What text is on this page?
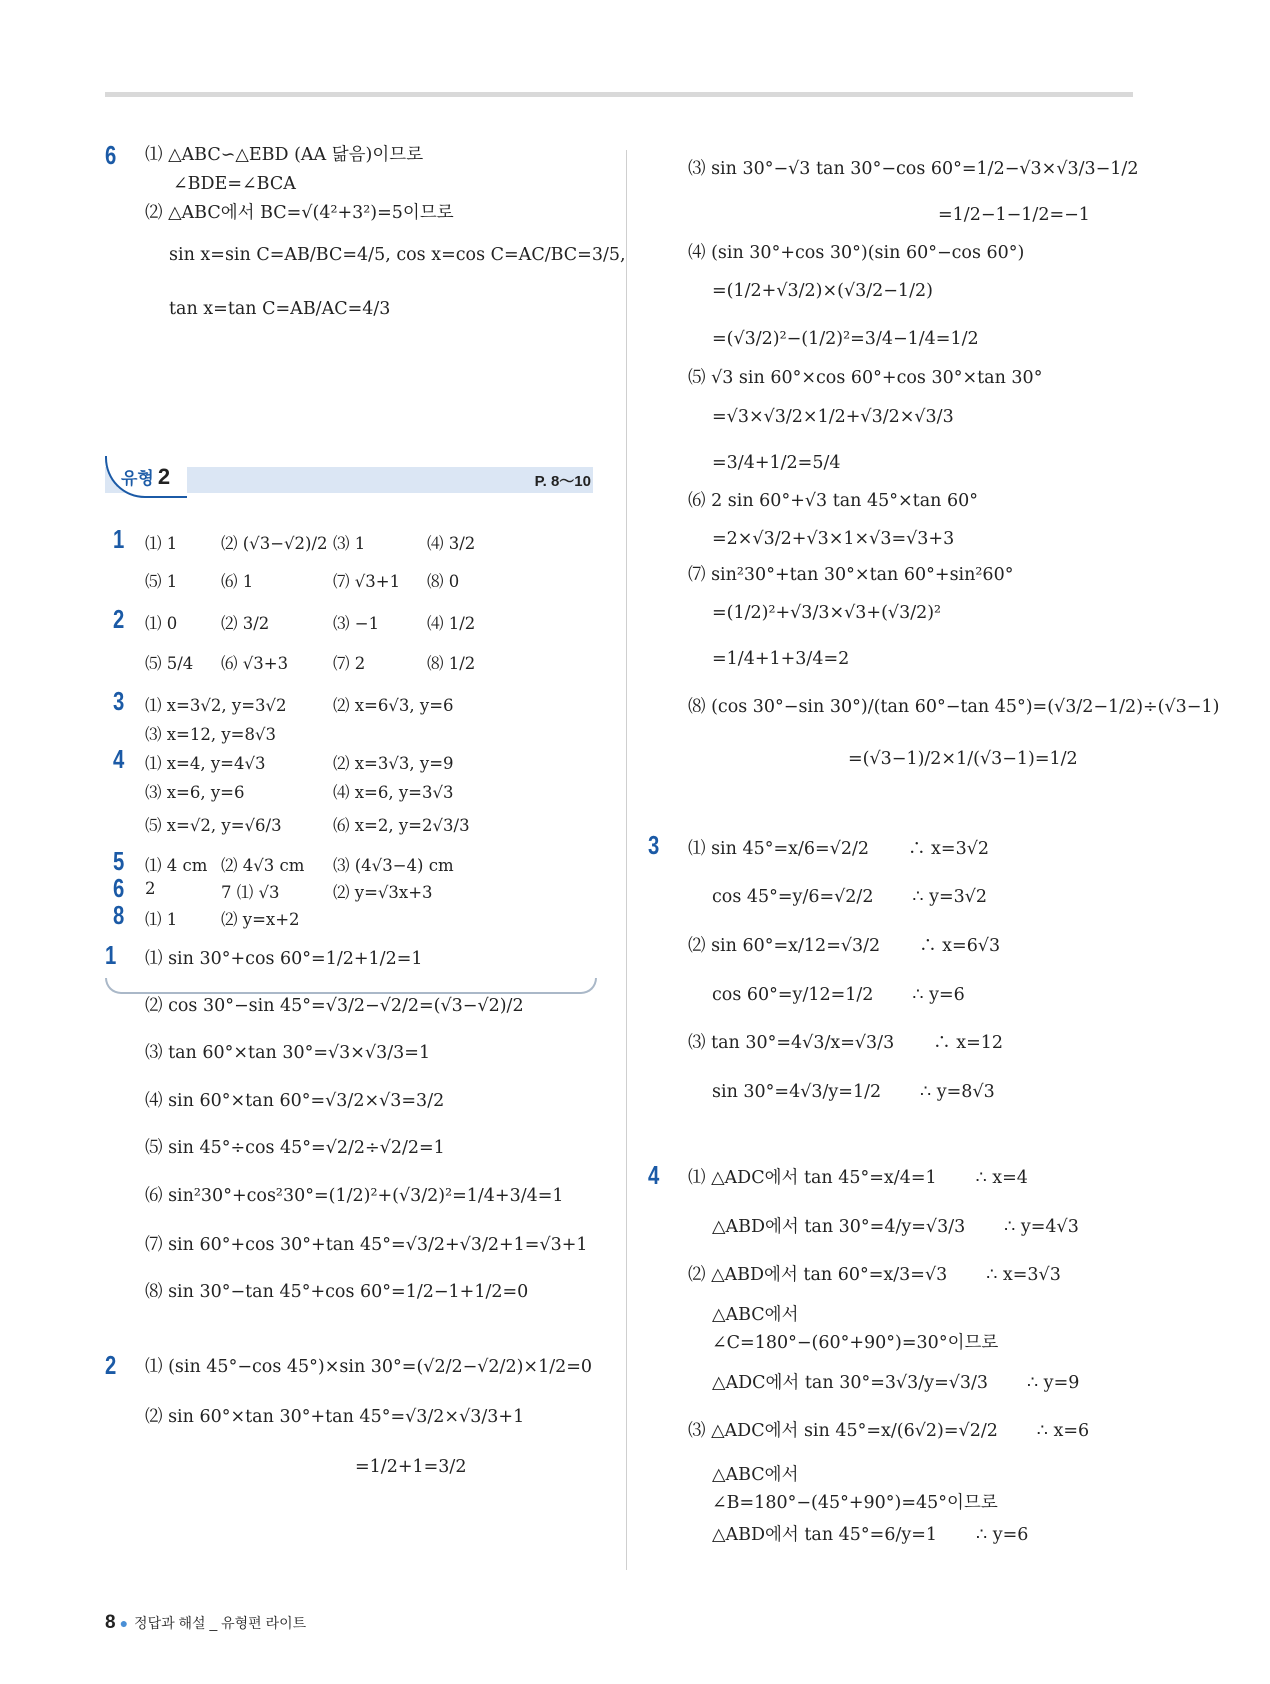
6 ⑴ △ABC∽△EBD (AA 닮음)이므로
∠BDE=∠BCA
⑵ △ABC에서 BC=√(4²+3²)=5이므로
sin x=sin C=AB/BC=4/5, cos x=cos C=AC/BC=3/5,
tan x=tan C=AB/AC=4/3
유형 2	P. 8〜10
1 ⑴ 1	⑵ (√3−√2)/2 ⑶ 1	⑷ 3/2
⑸ 1	⑹ 1	⑺ √3+1 ⑻ 0
2 ⑴ 0	⑵ 3/2	⑶ −1	⑷ 1/2
⑸ 5/4 ⑹ √3+3	⑺ 2	⑻ 1/2
3 ⑴ x=3√2, y=3√2	⑵ x=6√3, y=6
⑶ x=12, y=8√3
4 ⑴ x=4, y=4√3	⑵ x=3√3, y=9
⑶ x=6, y=6	⑷ x=6, y=3√3
⑸ x=√2, y=√6/3	⑹ x=2, y=2√3/3
5 ⑴ 4 cm ⑵ 4√3 cm ⑶ (4√3−4) cm
6 2	7 ⑴ √3	⑵ y=√3x+3
8 ⑴ 1	⑵ y=x+2
1 ⑴ sin 30°+cos 60°=1/2+1/2=1
⑵ cos 30°−sin 45°=√3/2−√2/2=(√3−√2)/2
⑶ tan 60°×tan 30°=√3×√3/3=1
⑷ sin 60°×tan 60°=√3/2×√3=3/2
⑸ sin 45°÷cos 45°=√2/2÷√2/2=1
⑹ sin²30°+cos²30°=(1/2)²+(√3/2)²=1/4+3/4=1
⑺ sin 60°+cos 30°+tan 45°=√3/2+√3/2+1=√3+1
⑻ sin 30°−tan 45°+cos 60°=1/2−1+1/2=0
2 ⑴ (sin 45°−cos 45°)×sin 30°=(√2/2−√2/2)×1/2=0
⑵ sin 60°×tan 30°+tan 45°=√3/2×√3/3+1
=1/2+1=3/2
⑶ sin 30°−√3 tan 30°−cos 60°=1/2−√3×√3/3−1/2
=1/2−1−1/2=−1
⑷ (sin 30°+cos 30°)(sin 60°−cos 60°)
=(1/2+√3/2)×(√3/2−1/2)
=(√3/2)²−(1/2)²=3/4−1/4=1/2
⑸ √3 sin 60°×cos 60°+cos 30°×tan 30°
=√3×√3/2×1/2+√3/2×√3/3
=3/4+1/2=5/4
⑹ 2 sin 60°+√3 tan 45°×tan 60°
=2×√3/2+√3×1×√3=√3+3
⑺ sin²30°+tan 30°×tan 60°+sin²60°
=(1/2)²+√3/3×√3+(√3/2)²
=1/4+1+3/4=2
⑻ (cos 30°−sin 30°)/(tan 60°−tan 45°)=(√3/2−1/2)÷(√3−1)
=(√3−1)/2×1/(√3−1)=1/2
3 ⑴ sin 45°=x/6=√2/2       ∴ x=3√2
cos 45°=y/6=√2/2       ∴ y=3√2
⑵ sin 60°=x/12=√3/2       ∴ x=6√3
cos 60°=y/12=1/2       ∴ y=6
⑶ tan 30°=4√3/x=√3/3       ∴ x=12
sin 30°=4√3/y=1/2       ∴ y=8√3
4 ⑴ △ADC에서 tan 45°=x/4=1       ∴ x=4
△ABD에서 tan 30°=4/y=√3/3       ∴ y=4√3
⑵ △ABD에서 tan 60°=x/3=√3       ∴ x=3√3
△ABC에서
∠C=180°−(60°+90°)=30°이므로
△ADC에서 tan 30°=3√3/y=√3/3       ∴ y=9
⑶ △ADC에서 sin 45°=x/(6√2)=√2/2       ∴ x=6
△ABC에서
∠B=180°−(45°+90°)=45°이므로
△ABD에서 tan 45°=6/y=1       ∴ y=6
8 ● 정답과 해설 _ 유형편 라이트
